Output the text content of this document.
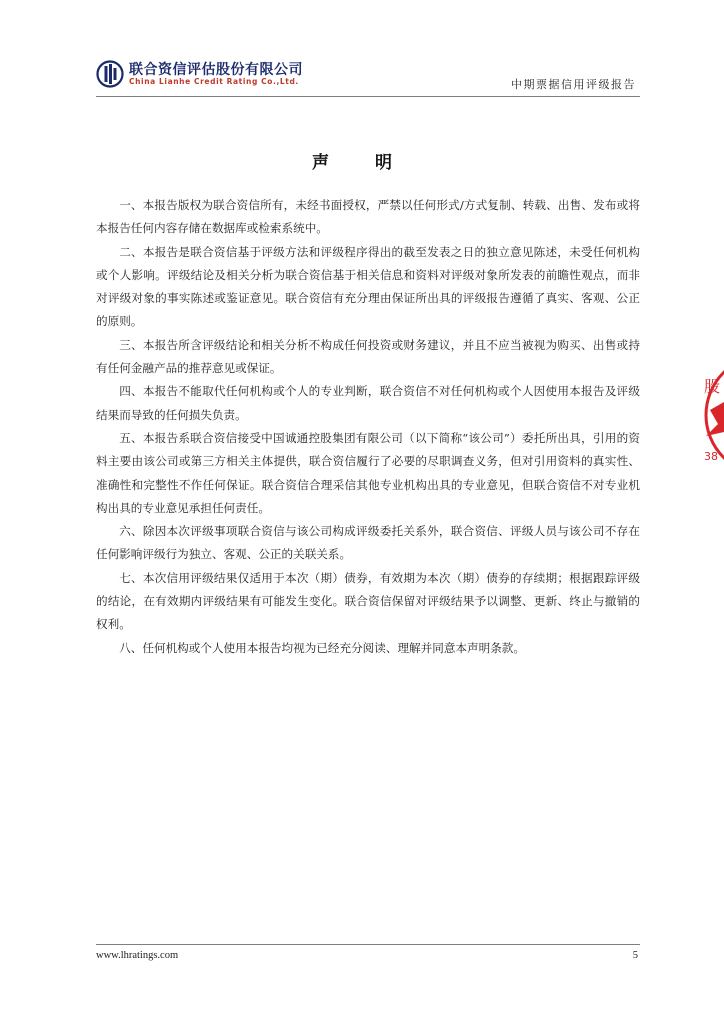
联合资信评估股份有限公司
China Lianhe Credit Rating Co.,Ltd.	中期票据信用评级报告
声 明

一、本报告版权为联合资信所有，未经书面授权，严禁以任何形式/方式复制、转载、出售、发布或将本报告任何内容存储在数据库或检索系统中。

二、本报告是联合资信基于评级方法和评级程序得出的截至发表之日的独立意见陈述，未受任何机构或个人影响。评级结论及相关分析为联合资信基于相关信息和资料对评级对象所发表的前瞻性观点，而非对评级对象的事实陈述或鉴证意见。联合资信有充分理由保证所出具的评级报告遵循了真实、客观、公正的原则。

三、本报告所含评级结论和相关分析不构成任何投资或财务建议，并且不应当被视为购买、出售或持有任何金融产品的推荐意见或保证。

四、本报告不能取代任何机构或个人的专业判断，联合资信不对任何机构或个人因使用本报告及评级结果而导致的任何损失负责。

五、本报告系联合资信接受中国诚通控股集团有限公司（以下简称“该公司”）委托所出具，引用的资料主要由该公司或第三方相关主体提供，联合资信履行了必要的尽职调查义务，但对引用资料的真实性、准确性和完整性不作任何保证。联合资信合理采信其他专业机构出具的专业意见，但联合资信不对专业机构出具的专业意见承担任何责任。

六、除因本次评级事项联合资信与该公司构成评级委托关系外，联合资信、评级人员与该公司不存在任何影响评级行为独立、客观、公正的关联关系。

七、本次信用评级结果仅适用于本次（期）债券，有效期为本次（期）债券的存续期；根据跟踪评级的结论，在有效期内评级结果有可能发生变化。联合资信保留对评级结果予以调整、更新、终止与撤销的权利。

八、任何机构或个人使用本报告均视为已经充分阅读、理解并同意本声明条款。

股
38
www.lhratings.com	5
